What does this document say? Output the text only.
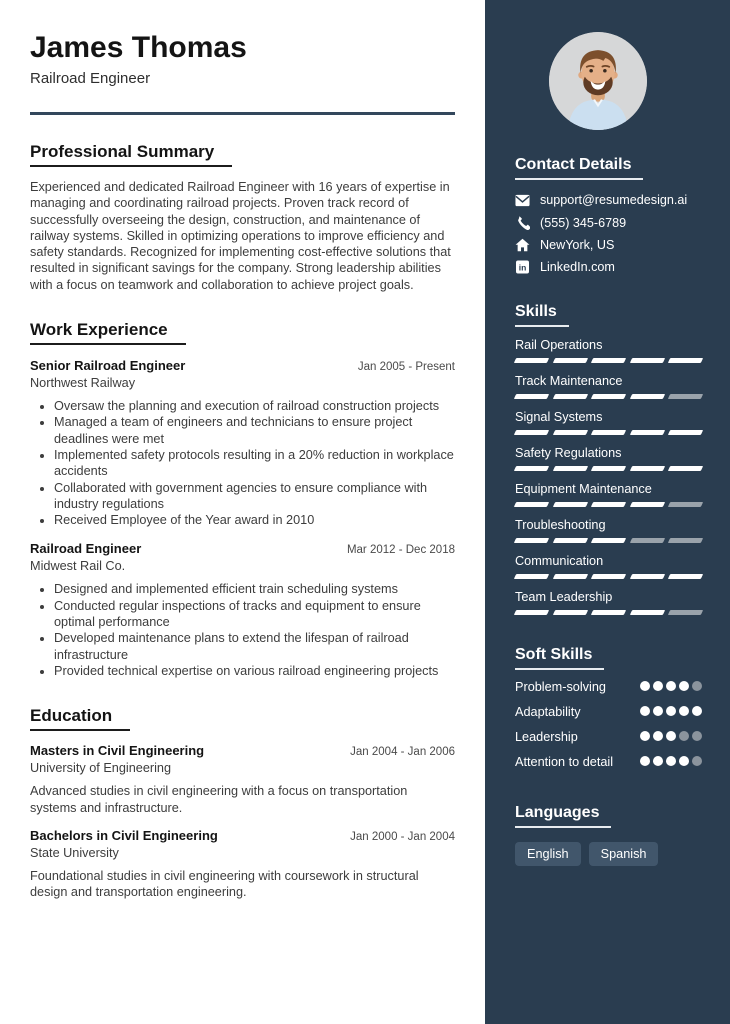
James Thomas
Railroad Engineer
Professional Summary
Experienced and dedicated Railroad Engineer with 16 years of expertise in managing and coordinating railroad projects. Proven track record of successfully overseeing the design, construction, and maintenance of railway systems. Skilled in optimizing operations to improve efficiency and safety standards. Recognized for implementing cost-effective solutions that resulted in significant savings for the company. Strong leadership abilities with a focus on teamwork and collaboration to achieve project goals.
Work Experience
Senior Railroad Engineer	Jan 2005 - Present
Northwest Railway
• Oversaw the planning and execution of railroad construction projects
• Managed a team of engineers and technicians to ensure project deadlines were met
• Implemented safety protocols resulting in a 20% reduction in workplace accidents
• Collaborated with government agencies to ensure compliance with industry regulations
• Received Employee of the Year award in 2010
Railroad Engineer	Mar 2012 - Dec 2018
Midwest Rail Co.
• Designed and implemented efficient train scheduling systems
• Conducted regular inspections of tracks and equipment to ensure optimal performance
• Developed maintenance plans to extend the lifespan of railroad infrastructure
• Provided technical expertise on various railroad engineering projects
Education
Masters in Civil Engineering	Jan 2004 - Jan 2006
University of Engineering
Advanced studies in civil engineering with a focus on transportation systems and infrastructure.
Bachelors in Civil Engineering	Jan 2000 - Jan 2004
State University
Foundational studies in civil engineering with coursework in structural design and transportation engineering.
Contact Details
support@resumedesign.ai
(555) 345-6789
NewYork, US
in LinkedIn.com
Skills
Rail Operations
Track Maintenance
Signal Systems
Safety Regulations
Equipment Maintenance
Troubleshooting
Communication
Team Leadership
Soft Skills
Problem-solving
Adaptability
Leadership
Attention to detail
Languages
English	Spanish
